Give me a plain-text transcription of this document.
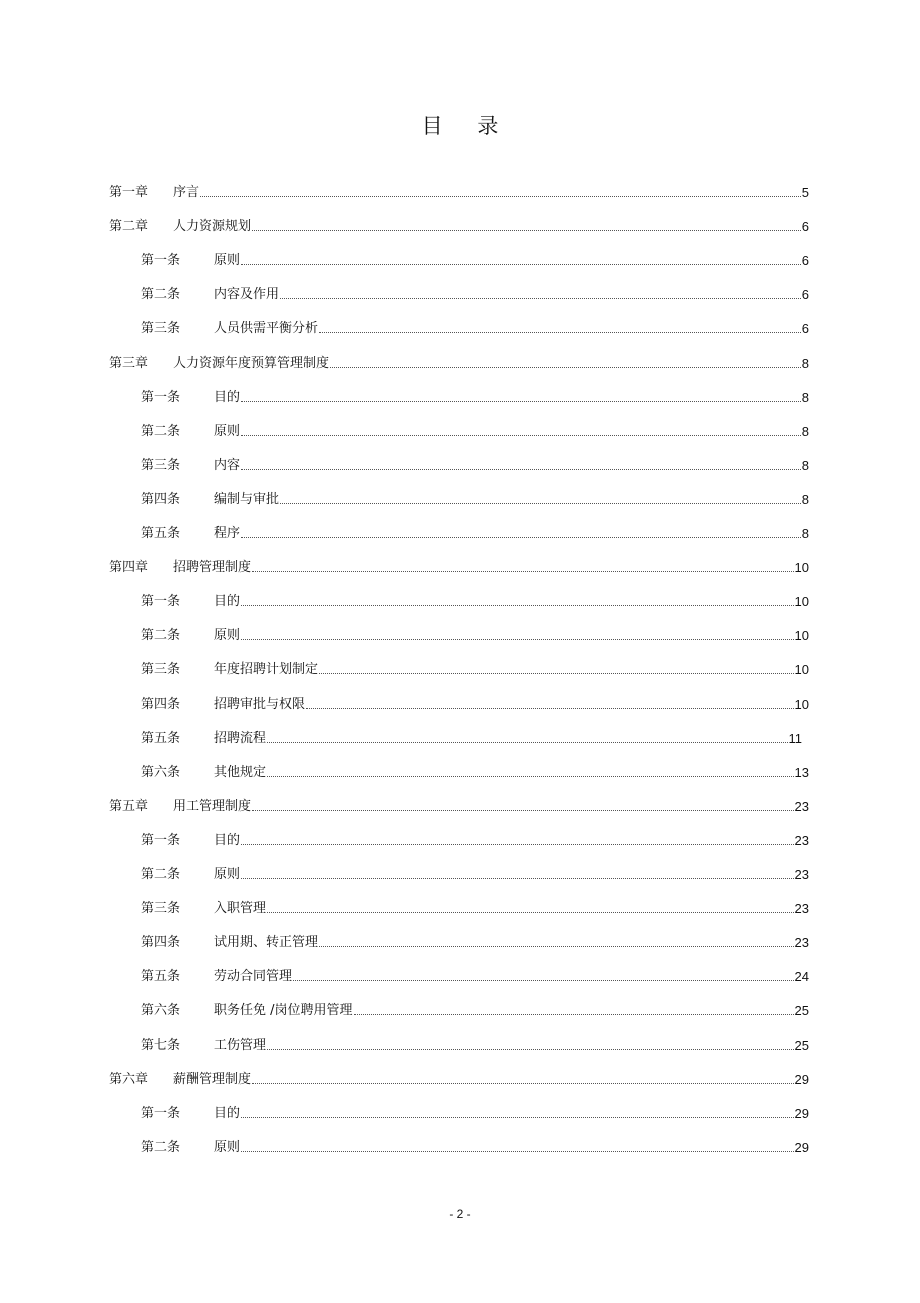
目 录
第一章	序言	5
第二章	人力资源规划	6
第一条	原则	6
第二条	内容及作用	6
第三条	人员供需平衡分析	6
第三章	人力资源年度预算管理制度	8
第一条	目的	8
第二条	原则	8
第三条	内容	8
第四条	编制与审批	8
第五条	程序	8
第四章	招聘管理制度	10
第一条	目的	10
第二条	原则	10
第三条	年度招聘计划制定	10
第四条	招聘审批与权限	10
第五条	招聘流程	11
第六条	其他规定	13
第五章	用工管理制度	23
第一条	目的	23
第二条	原则	23
第三条	入职管理	23
第四条	试用期、转正管理	23
第五条	劳动合同管理	24
第六条	职务任免 /岗位聘用管理	25
第七条	工伤管理	25
第六章	薪酬管理制度	29
第一条	目的	29
第二条	原则	29
- 2 -
